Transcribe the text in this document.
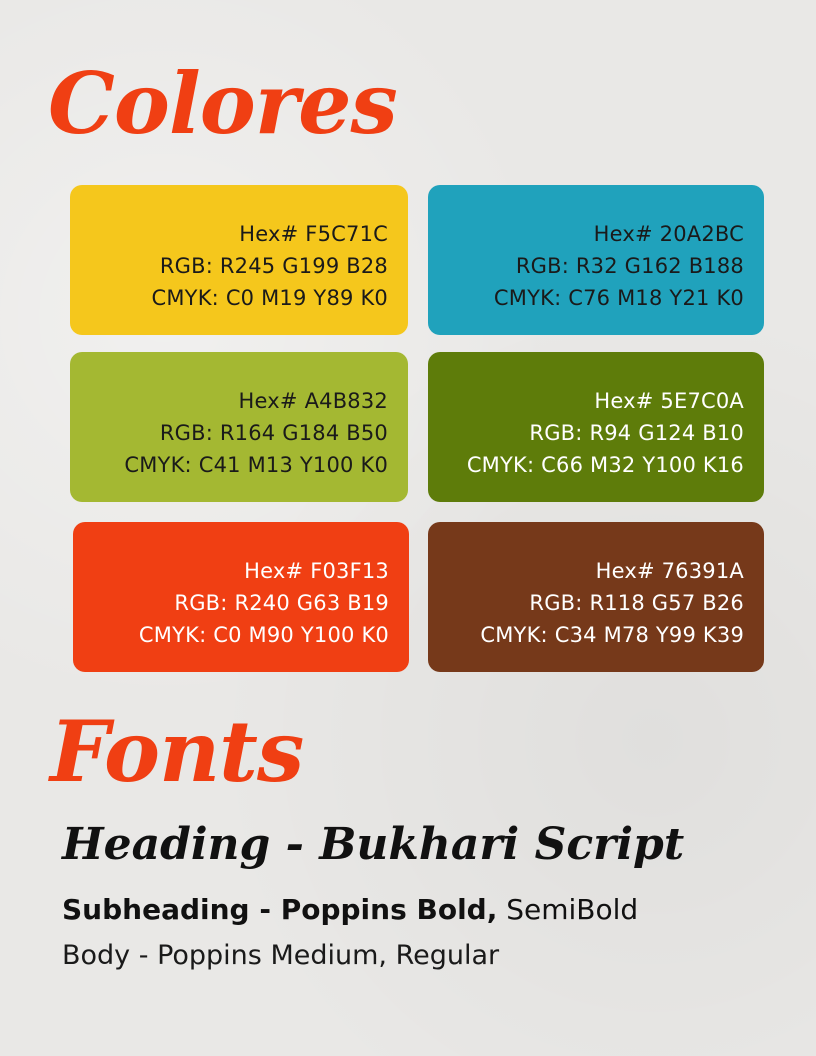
Colores
Hex# F5C71C
RGB: R245 G199 B28
CMYK: C0 M19 Y89 K0
Hex# 20A2BC
RGB: R32 G162 B188
CMYK: C76 M18 Y21 K0
Hex# A4B832
RGB: R164 G184 B50
CMYK: C41 M13 Y100 K0
Hex# 5E7C0A
RGB: R94 G124 B10
CMYK: C66 M32 Y100 K16
Hex# F03F13
RGB: R240 G63 B19
CMYK: C0 M90 Y100 K0
Hex# 76391A
RGB: R118 G57 B26
CMYK: C34 M78 Y99 K39
Fonts
Heading - Bukhari Script
Subheading - Poppins Bold, SemiBold
Body - Poppins Medium, Regular
